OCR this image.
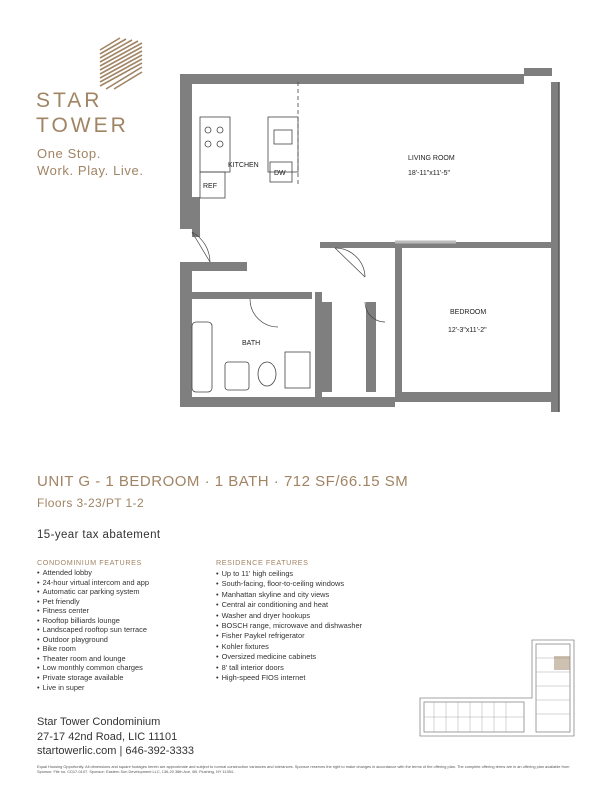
STAR
TOWER
One Stop.
Work. Play. Live.	KITCHEN
LIVING ROOM
18'-11"x11'-5"
BEDROOM
12'-3"x11'-2"
BATH
REF
DW
UNIT G - 1 BEDROOM · 1 BATH · 712 SF/66.15 SM
Floors 3-23/PT 1-2
15-year tax abatement
CONDOMINIUM FEATURES
• Attended lobby
• 24-hour virtual intercom and app
• Automatic car parking system
• Pet friendly
• Fitness center
• Rooftop billiards lounge
• Landscaped rooftop sun terrace
• Outdoor playground
• Bike room
• Theater room and lounge
• Low monthly common charges
• Private storage available
• Live in super
RESIDENCE FEATURES
• Up to 11' high ceilings
• South-facing, floor-to-ceiling windows
• Manhattan skyline and city views
• Central air conditioning and heat
• Washer and dryer hookups
• BOSCH range, microwave and dishwasher
• Fisher Paykel refrigerator
• Kohler fixtures
• Oversized medicine cabinets
• 8' tall interior doors
• High-speed FIOS internet
Star Tower Condominium
27-17 42nd Road, LIC 11101
startowerlic.com | 646-392-3333
Equal Housing Opportunity. All dimensions and square footages herein are approximate and subject to normal construction variances and tolerances. Sponsor reserves the right to make changes in accordance with the terms of the offering plan. The complete offering terms are in an offering plan available from Sponsor. File no. CD17-0107. Sponsor: Eastern Sun Development LLC, 136-20 38th Ave, 6B, Flushing, NY 11354.
